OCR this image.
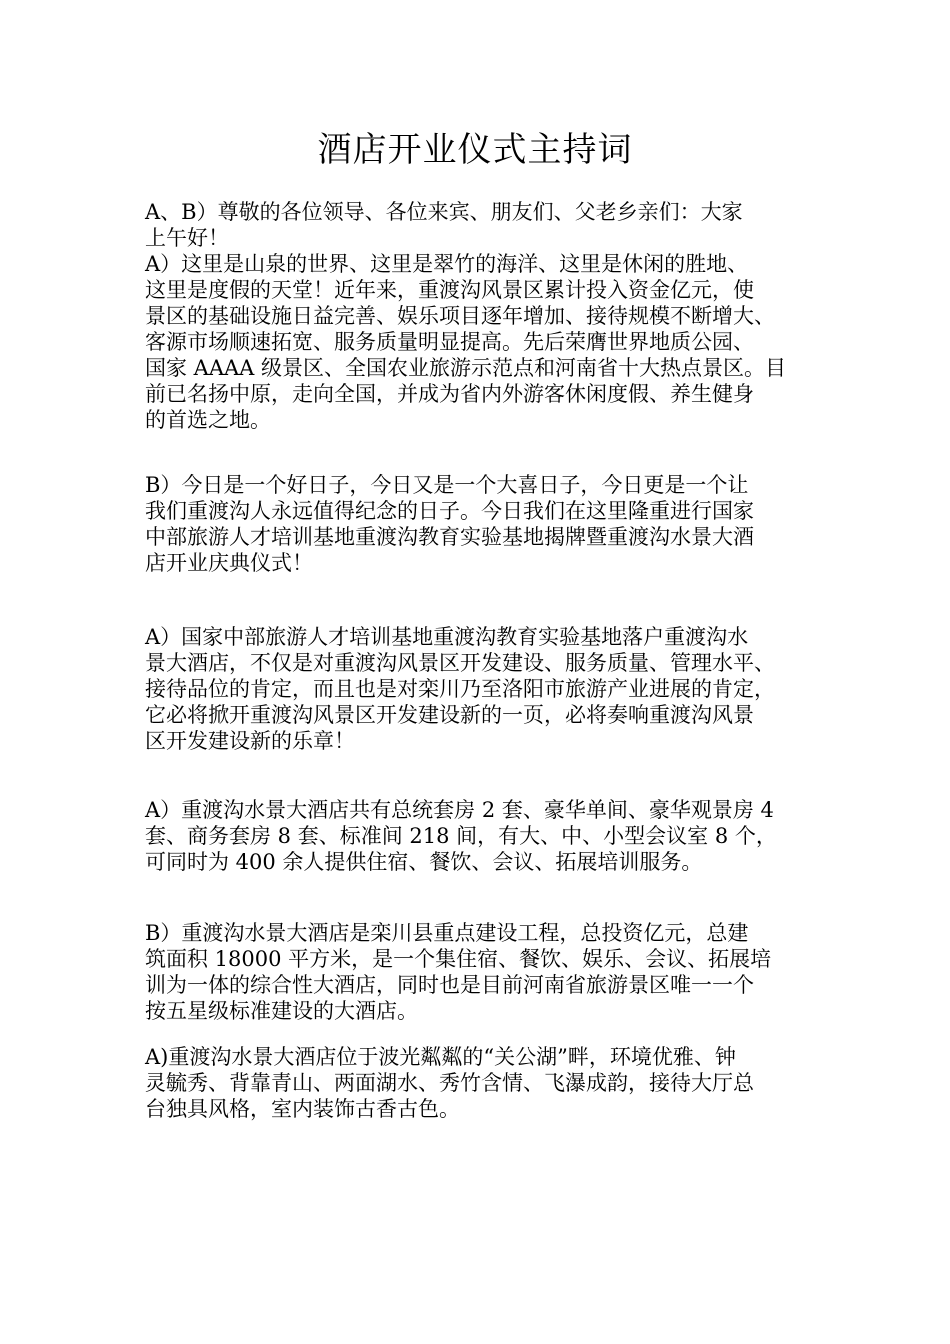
酒店开业仪式主持词
A、B）尊敬的各位领导、各位来宾、朋友们、父老乡亲们：大家
上午好！
A）这里是山泉的世界、这里是翠竹的海洋、这里是休闲的胜地、
这里是度假的天堂！近年来，重渡沟风景区累计投入资金亿元，使
景区的基础设施日益完善、娱乐项目逐年增加、接待规模不断增大、
客源市场顺速拓宽、服务质量明显提高。先后荣膺世界地质公园、
国家 AAAA 级景区、全国农业旅游示范点和河南省十大热点景区。目
前已名扬中原，走向全国，并成为省内外游客休闲度假、养生健身
的首选之地。
B）今日是一个好日子，今日又是一个大喜日子，今日更是一个让
我们重渡沟人永远值得纪念的日子。今日我们在这里隆重进行国家
中部旅游人才培训基地重渡沟教育实验基地揭牌暨重渡沟水景大酒
店开业庆典仪式！
A）国家中部旅游人才培训基地重渡沟教育实验基地落户重渡沟水
景大酒店，不仅是对重渡沟风景区开发建设、服务质量、管理水平、
接待品位的肯定，而且也是对栾川乃至洛阳市旅游产业进展的肯定，
它必将掀开重渡沟风景区开发建设新的一页，必将奏响重渡沟风景
区开发建设新的乐章！
A）重渡沟水景大酒店共有总统套房 2 套、豪华单间、豪华观景房 4
套、商务套房 8 套、标准间 218 间，有大、中、小型会议室 8 个，
可同时为 400 余人提供住宿、餐饮、会议、拓展培训服务。
B）重渡沟水景大酒店是栾川县重点建设工程，总投资亿元，总建
筑面积 18000 平方米，是一个集住宿、餐饮、娱乐、会议、拓展培
训为一体的综合性大酒店，同时也是目前河南省旅游景区唯一一个
按五星级标准建设的大酒店。
A)重渡沟水景大酒店位于波光粼粼的“关公湖”畔，环境优雅、钟
灵毓秀、背靠青山、两面湖水、秀竹含情、飞瀑成韵，接待大厅总
台独具风格，室内装饰古香古色。
